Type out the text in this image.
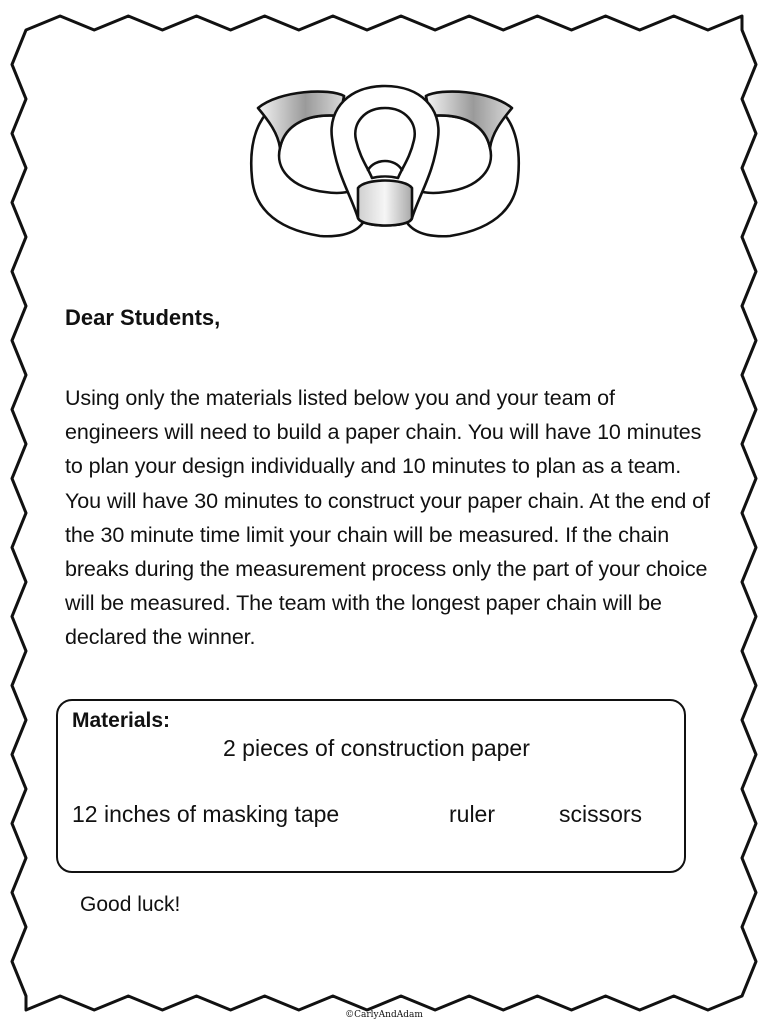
Dear Students,

Using only the materials listed below you and your team of engineers will need to build a paper chain. You will have 10 minutes to plan your design individually and 10 minutes to plan as a team. You will have 30 minutes to construct your paper chain. At the end of the 30 minute time limit your chain will be measured. If the chain breaks during the measurement process only the part of your choice will be measured. The team with the longest paper chain will be declared the winner.

Materials:

2 pieces of construction paper

12 inches of masking tape	ruler	scissors

Good luck!

©CarlyAndAdam
